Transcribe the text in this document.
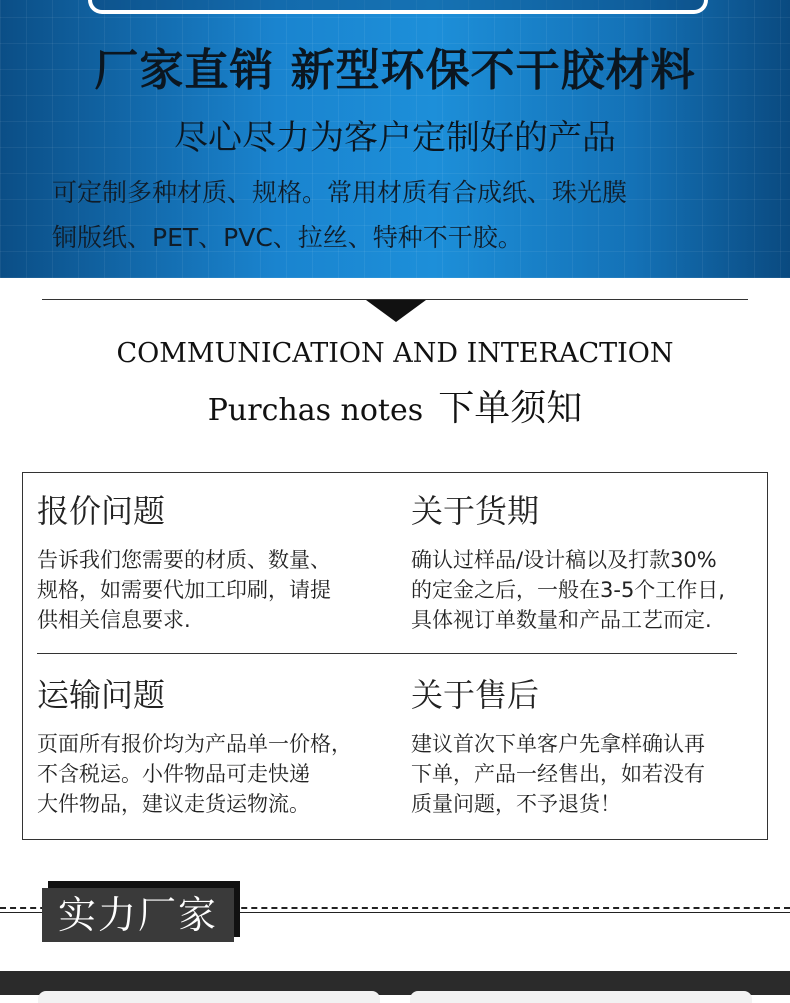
厂家直销 新型环保不干胶材料
尽心尽力为客户定制好的产品
可定制多种材质、规格。常用材质有合成纸、珠光膜
铜版纸、PET、PVC、拉丝、特种不干胶。
COMMUNICATION AND INTERACTION
Purchas notes 下单须知
报价问题
告诉我们您需要的材质、数量、
规格，如需要代加工印刷，请提
供相关信息要求.
关于货期
确认过样品/设计稿以及打款30%
的定金之后，一般在3-5个工作日,
具体视订单数量和产品工艺而定.
运输问题
页面所有报价均为产品单一价格，
不含税运。小件物品可走快递
大件物品，建议走货运物流。
关于售后
建议首次下单客户先拿样确认再
下单，产品一经售出，如若没有
质量问题，不予退货！
实力厂家
